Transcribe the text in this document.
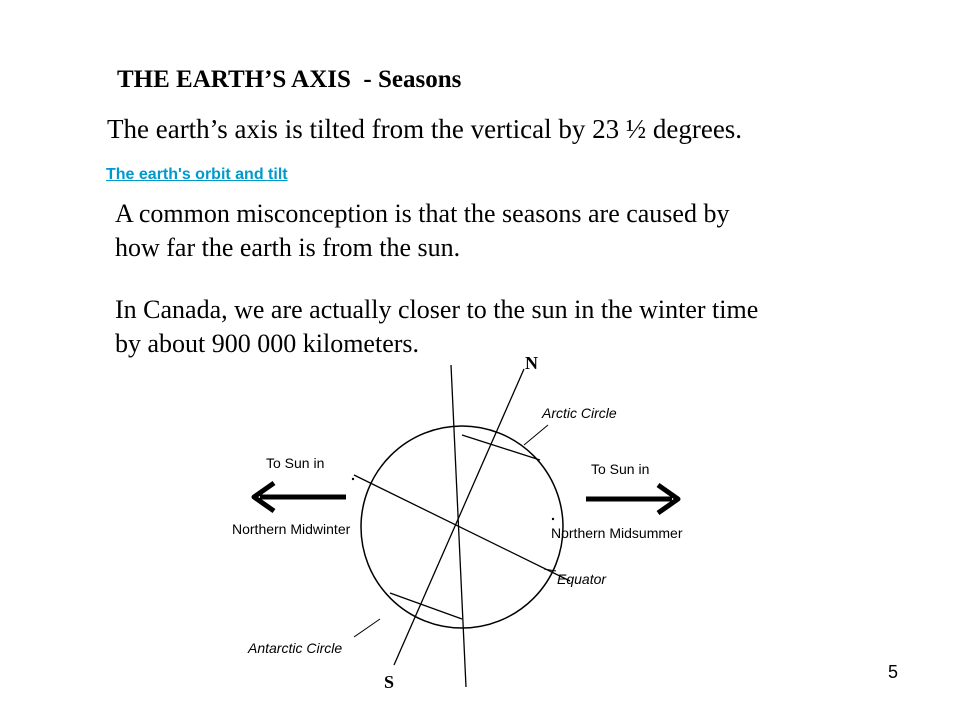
THE EARTH’S AXIS  - Seasons
The earth’s axis is tilted from the vertical by 23 ½ degrees.
The earth's orbit and tilt
A common misconception is that the seasons are caused by
how far the earth is from the sun.
In Canada, we are actually closer to the sun in the winter time
by about 900 000 kilometers.
N
S
Arctic Circle
Antarctic Circle
Equator
To Sun in
Northern Midwinter
To Sun in
Northern Midsummer
5
